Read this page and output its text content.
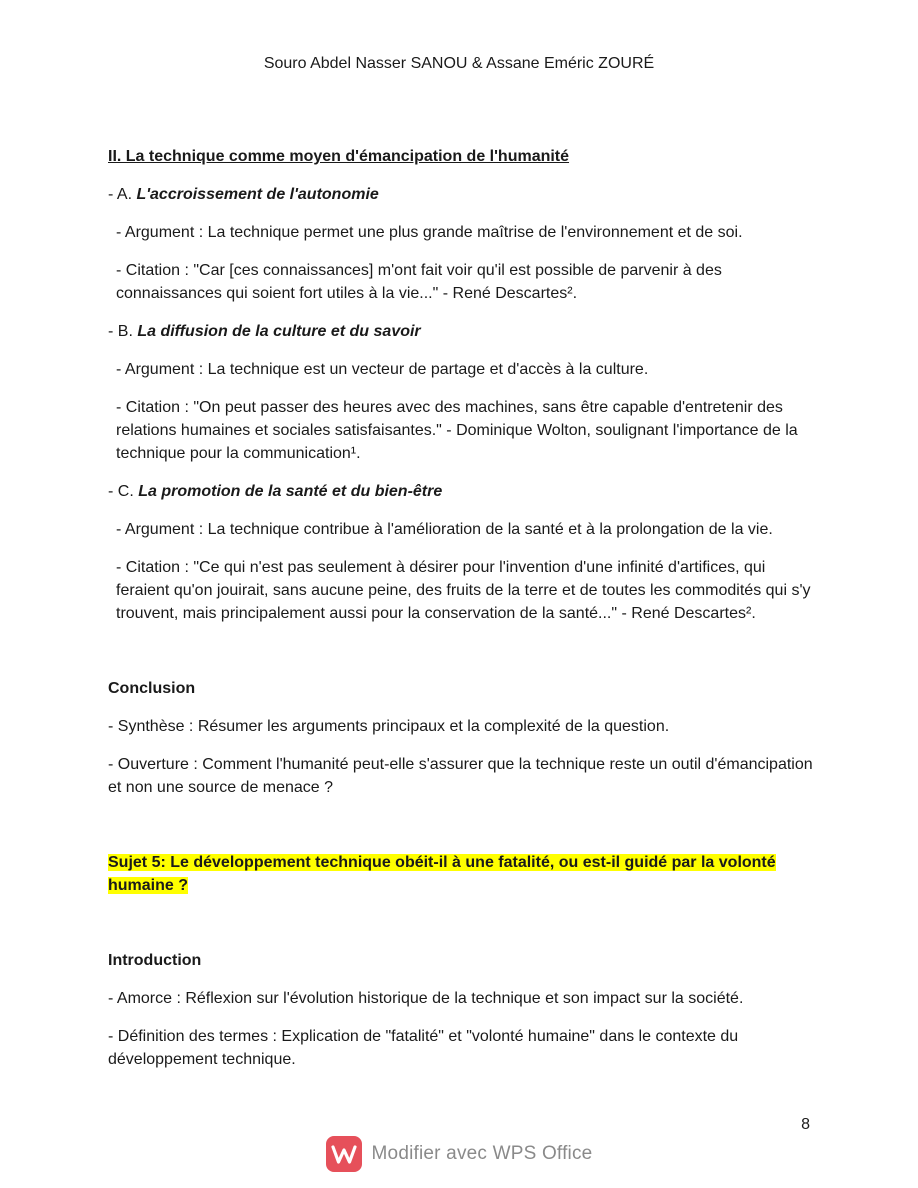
Souro Abdel Nasser SANOU & Assane Eméric ZOURÉ

II. La technique comme moyen d'émancipation de l'humanité

- A. L'accroissement de l'autonomie

- Argument : La technique permet une plus grande maîtrise de l'environnement et de soi.

- Citation : "Car [ces connaissances] m'ont fait voir qu'il est possible de parvenir à des connaissances qui soient fort utiles à la vie..." - René Descartes².

- B. La diffusion de la culture et du savoir

- Argument : La technique est un vecteur de partage et d'accès à la culture.

- Citation : "On peut passer des heures avec des machines, sans être capable d'entretenir des relations humaines et sociales satisfaisantes." - Dominique Wolton, soulignant l'importance de la technique pour la communication¹.

- C. La promotion de la santé et du bien-être

- Argument : La technique contribue à l'amélioration de la santé et à la prolongation de la vie.

- Citation : "Ce qui n'est pas seulement à désirer pour l'invention d'une infinité d'artifices, qui feraient qu'on jouirait, sans aucune peine, des fruits de la terre et de toutes les commodités qui s'y trouvent, mais principalement aussi pour la conservation de la santé..." - René Descartes².

Conclusion

- Synthèse : Résumer les arguments principaux et la complexité de la question.

- Ouverture : Comment l'humanité peut-elle s'assurer que la technique reste un outil d'émancipation et non une source de menace ?

Sujet 5: Le développement technique obéit-il à une fatalité, ou est-il guidé par la volonté humaine ?

Introduction

- Amorce : Réflexion sur l'évolution historique de la technique et son impact sur la société.

- Définition des termes : Explication de "fatalité" et "volonté humaine" dans le contexte du développement technique.

8
Modifier avec WPS Office
